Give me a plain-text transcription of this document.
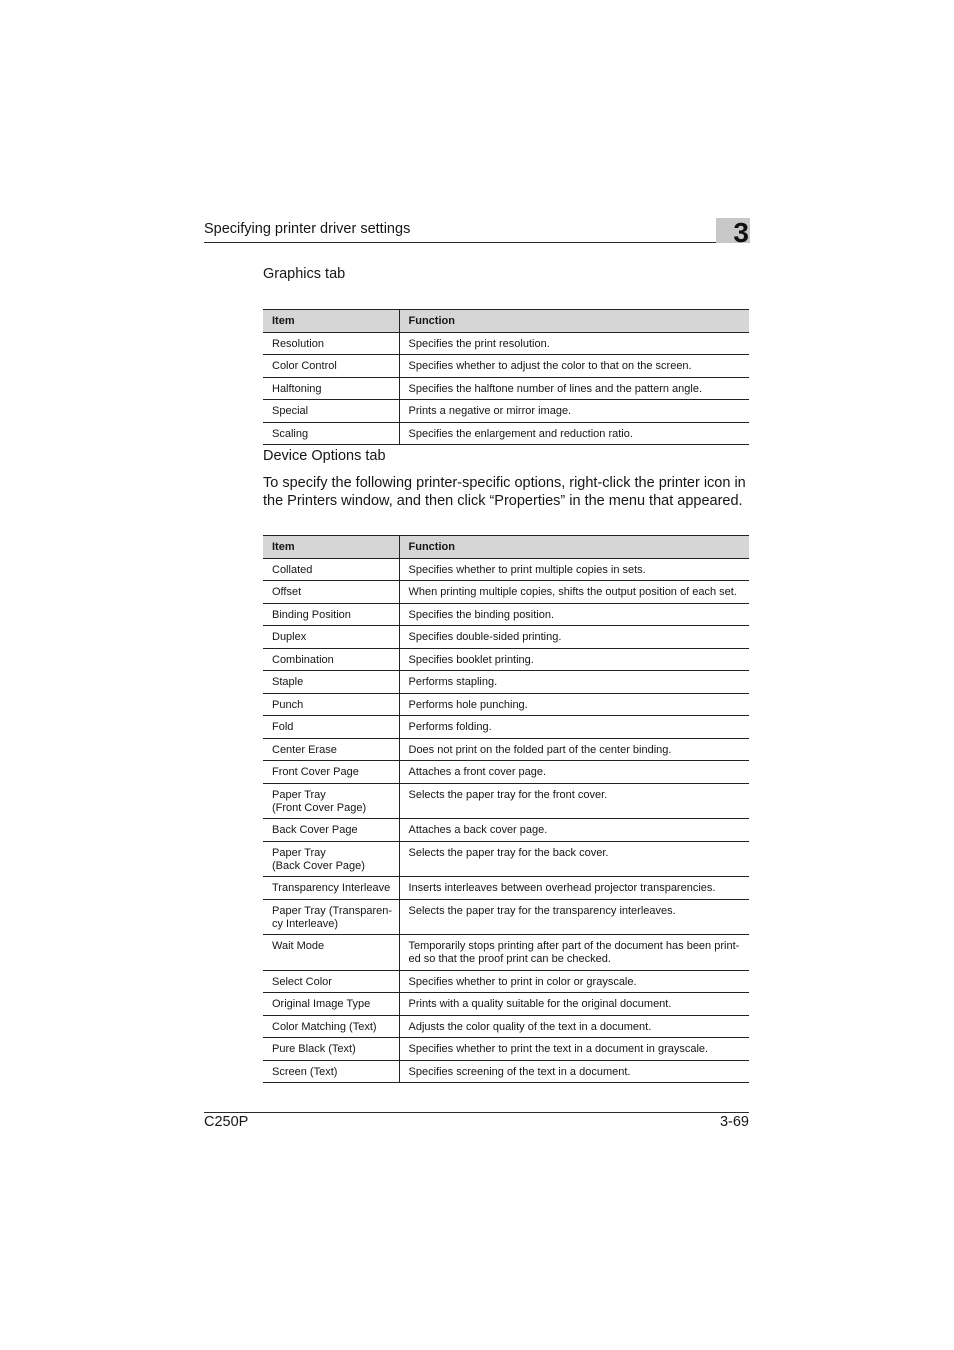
Specifying printer driver settings	3
Graphics tab
Item	Function
Resolution	Specifies the print resolution.
Color Control	Specifies whether to adjust the color to that on the screen.
Halftoning	Specifies the halftone number of lines and the pattern angle.
Special	Prints a negative or mirror image.
Scaling	Specifies the enlargement and reduction ratio.
Device Options tab
To specify the following printer-specific options, right-click the printer icon in the Printers window, and then click “Properties” in the menu that appeared.
Item	Function
Collated	Specifies whether to print multiple copies in sets.
Offset	When printing multiple copies, shifts the output position of each set.
Binding Position	Specifies the binding position.
Duplex	Specifies double-sided printing.
Combination	Specifies booklet printing.
Staple	Performs stapling.
Punch	Performs hole punching.
Fold	Performs folding.
Center Erase	Does not print on the folded part of the center binding.
Front Cover Page	Attaches a front cover page.
Paper Tray
(Front Cover Page)	Selects the paper tray for the front cover.
Back Cover Page	Attaches a back cover page.
Paper Tray
(Back Cover Page)	Selects the paper tray for the back cover.
Transparency Interleave	Inserts interleaves between overhead projector transparencies.
Paper Tray (Transparen-
cy Interleave)	Selects the paper tray for the transparency interleaves.
Wait Mode	Temporarily stops printing after part of the document has been print-
ed so that the proof print can be checked.
Select Color	Specifies whether to print in color or grayscale.
Original Image Type	Prints with a quality suitable for the original document.
Color Matching (Text)	Adjusts the color quality of the text in a document.
Pure Black (Text)	Specifies whether to print the text in a document in grayscale.
Screen (Text)	Specifies screening of the text in a document.
C250P	3-69
